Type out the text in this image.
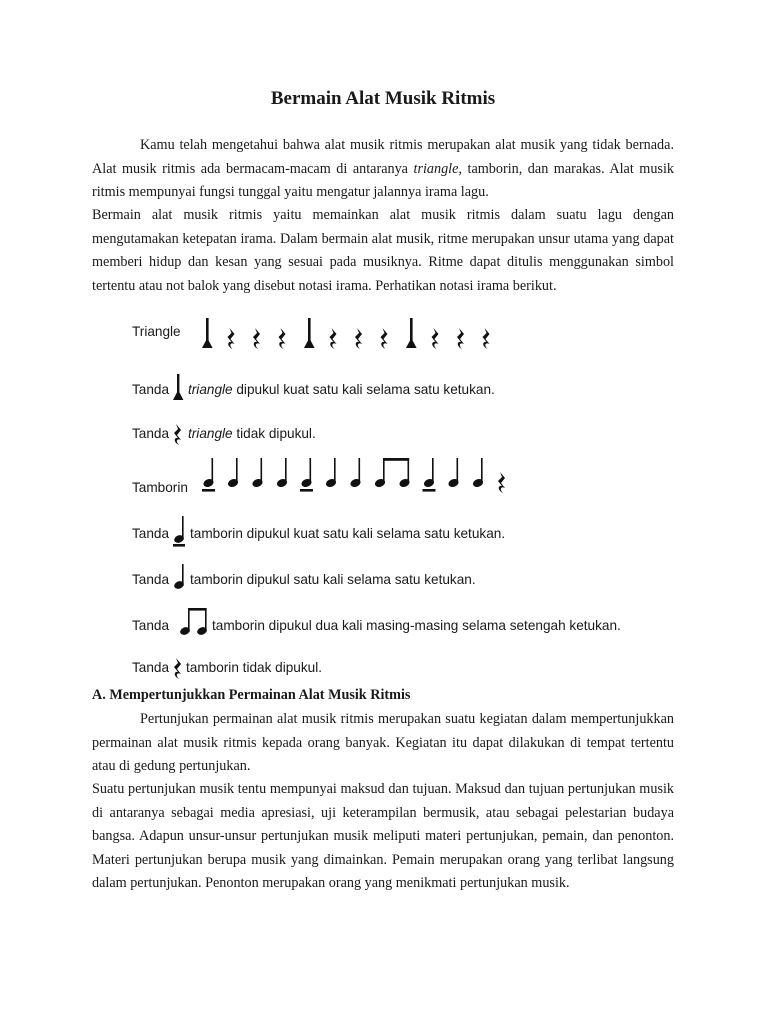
Bermain Alat Musik Ritmis

Kamu telah mengetahui bahwa alat musik ritmis merupakan alat musik yang tidak bernada. Alat musik ritmis ada bermacam-macam di antaranya triangle, tamborin, dan marakas. Alat musik ritmis mempunyai fungsi tunggal yaitu mengatur jalannya irama lagu.

Bermain alat musik ritmis yaitu memainkan alat musik ritmis dalam suatu lagu dengan mengutamakan ketepatan irama. Dalam bermain alat musik, ritme merupakan unsur utama yang dapat memberi hidup dan kesan yang sesuai pada musiknya. Ritme dapat ditulis menggunakan simbol tertentu atau not balok yang disebut notasi irama. Perhatikan notasi irama berikut.

A. Mempertunjukkan Permainan Alat Musik Ritmis

Pertunjukan permainan alat musik ritmis merupakan suatu kegiatan dalam mempertunjukkan permainan alat musik ritmis kepada orang banyak. Kegiatan itu dapat dilakukan di tempat tertentu atau di gedung pertunjukan.

Suatu pertunjukan musik tentu mempunyai maksud dan tujuan. Maksud dan tujuan pertunjukan musik di antaranya sebagai media apresiasi, uji keterampilan bermusik, atau sebagai pelestarian budaya bangsa. Adapun unsur-unsur pertunjukan musik meliputi materi pertunjukan, pemain, dan penonton. Materi pertunjukan berupa musik yang dimainkan. Pemain merupakan orang yang terlibat langsung dalam pertunjukan. Penonton merupakan orang yang menikmati pertunjukan musik.

Triangle
Tanda triangle dipukul kuat satu kali selama satu ketukan.
Tanda triangle tidak dipukul.
Tamborin
Tanda tamborin dipukul kuat satu kali selama satu ketukan.
Tanda tamborin dipukul satu kali selama satu ketukan.
Tanda	tamborin dipukul dua kali masing-masing selama setengah ketukan.
Tanda tamborin tidak dipukul.
